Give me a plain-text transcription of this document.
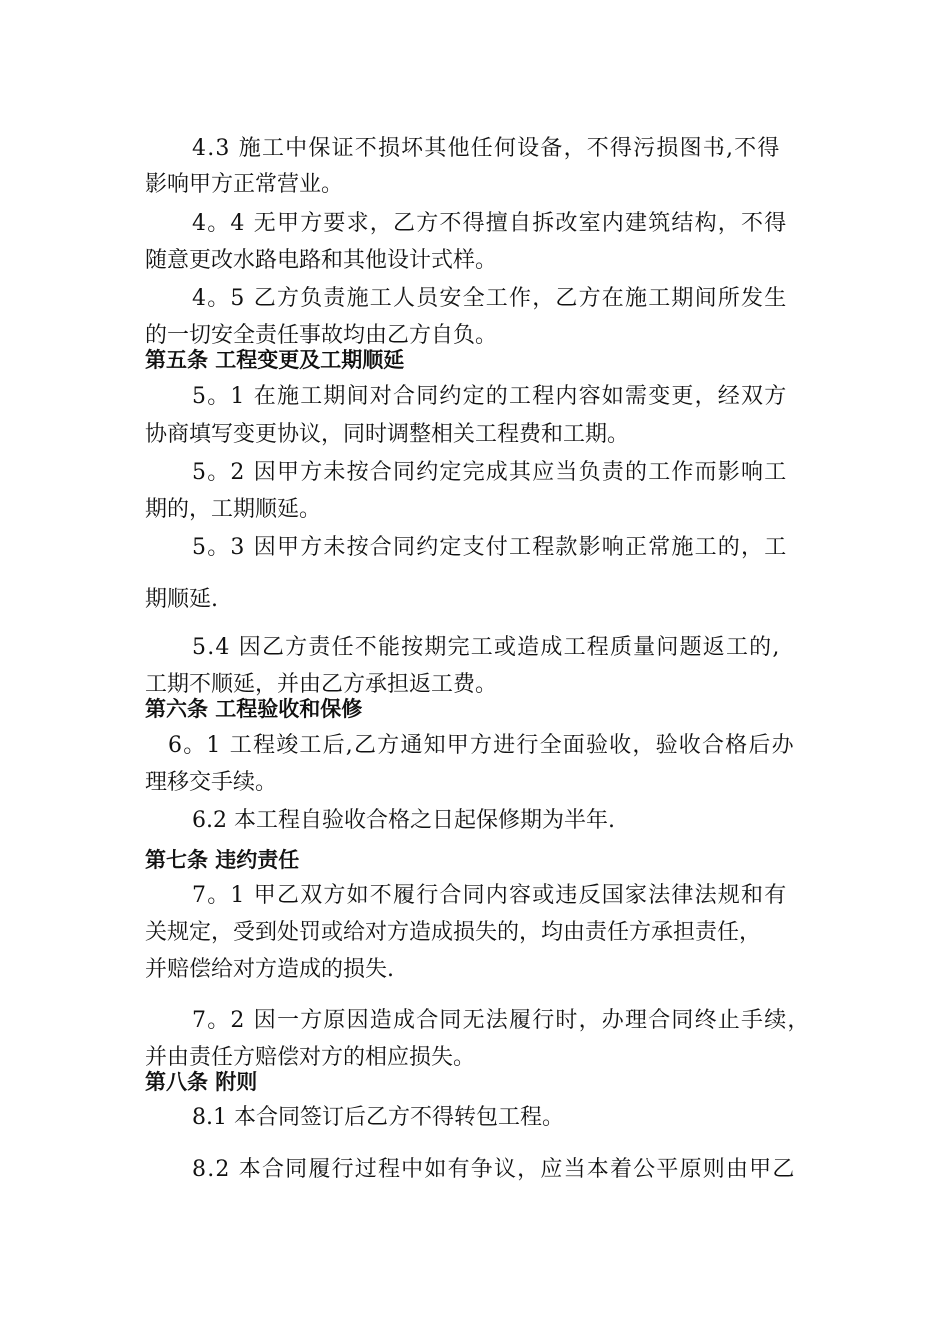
4.3 施工中保证不损坏其他任何设备，不得污损图书,不得
影响甲方正常营业。
4。4 无甲方要求，乙方不得擅自拆改室内建筑结构，不得
随意更改水路电路和其他设计式样。
4。5 乙方负责施工人员安全工作，乙方在施工期间所发生
的一切安全责任事故均由乙方自负。
第五条 工程变更及工期顺延
5。1 在施工期间对合同约定的工程内容如需变更，经双方
协商填写变更协议，同时调整相关工程费和工期。
5。2 因甲方未按合同约定完成其应当负责的工作而影响工
期的，工期顺延。
5。3 因甲方未按合同约定支付工程款影响正常施工的，工
期顺延.
5.4 因乙方责任不能按期完工或造成工程质量问题返工的,
工期不顺延，并由乙方承担返工费。
第六条 工程验收和保修
6。1 工程竣工后,乙方通知甲方进行全面验收，验收合格后办
理移交手续。
6.2 本工程自验收合格之日起保修期为半年.
第七条 违约责任
7。1 甲乙双方如不履行合同内容或违反国家法律法规和有
关规定，受到处罚或给对方造成损失的，均由责任方承担责任，
并赔偿给对方造成的损失.
7。2 因一方原因造成合同无法履行时，办理合同终止手续，
并由责任方赔偿对方的相应损失。
第八条 附则
8.1 本合同签订后乙方不得转包工程。
8.2 本合同履行过程中如有争议，应当本着公平原则由甲乙
